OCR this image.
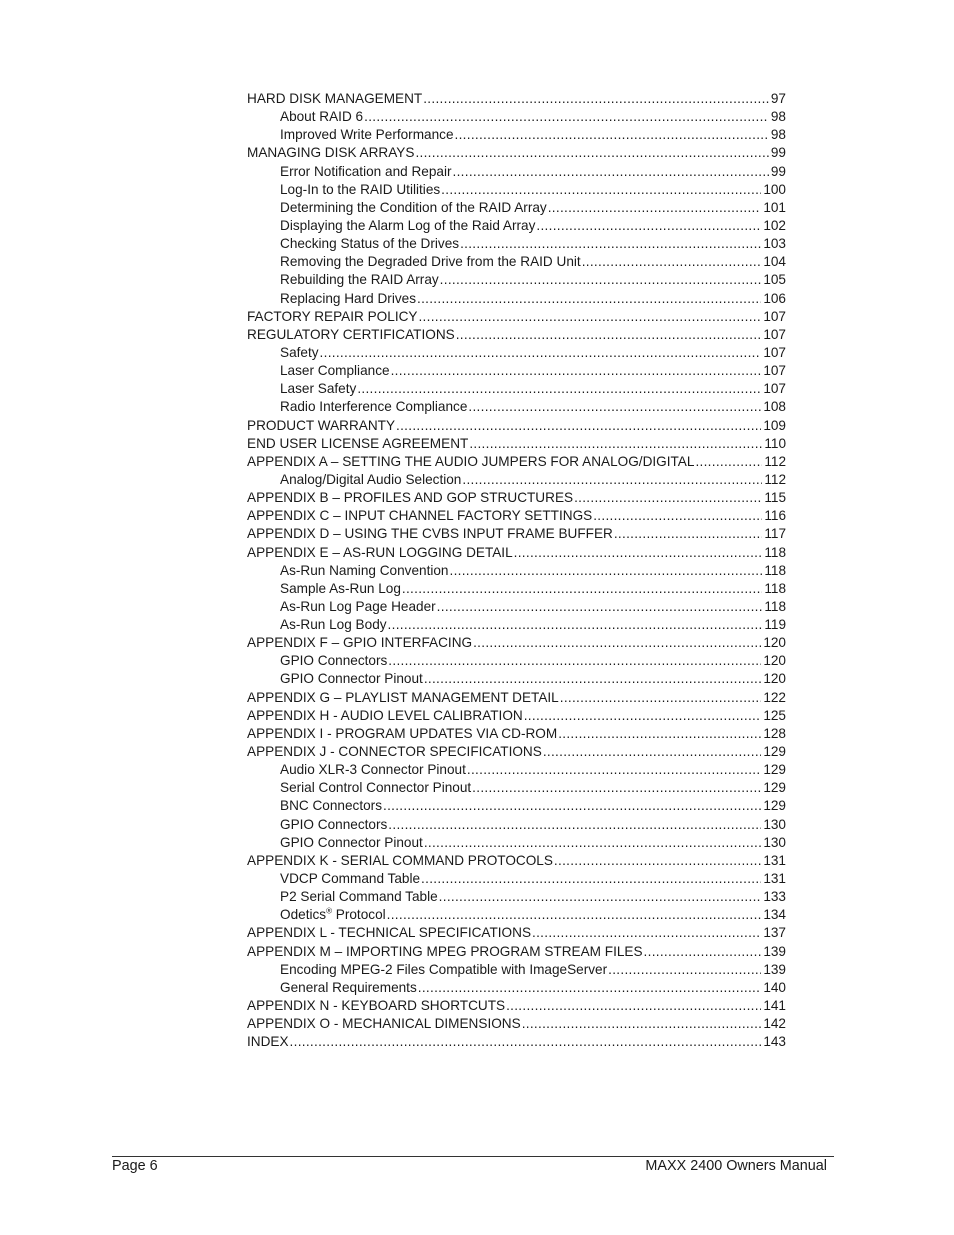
HARD DISK MANAGEMENT .....	97
About RAID 6 .....	98
Improved Write Performance .....	98
MANAGING DISK ARRAYS .....	99
Error Notification and Repair .....	99
Log-In to the RAID Utilities .....	100
Determining the Condition of the RAID Array .....	101
Displaying the Alarm Log of the Raid Array .....	102
Checking Status of the Drives .....	103
Removing the Degraded Drive from the RAID Unit .....	104
Rebuilding the RAID Array .....	105
Replacing Hard Drives .....	106
FACTORY REPAIR POLICY .....	107
REGULATORY CERTIFICATIONS .....	107
Safety .....	107
Laser Compliance .....	107
Laser Safety .....	107
Radio Interference Compliance .....	108
PRODUCT WARRANTY .....	109
END USER LICENSE AGREEMENT .....	110
APPENDIX A – SETTING THE AUDIO JUMPERS FOR ANALOG/DIGITAL .....	112
Analog/Digital Audio Selection .....	112
APPENDIX B – PROFILES AND GOP STRUCTURES .....	115
APPENDIX C – INPUT CHANNEL FACTORY SETTINGS .....	116
APPENDIX D – USING THE CVBS INPUT FRAME BUFFER .....	117
APPENDIX E – AS-RUN LOGGING DETAIL .....	118
As-Run Naming Convention .....	118
Sample As-Run Log .....	118
As-Run Log Page Header .....	118
As-Run Log Body .....	119
APPENDIX F – GPIO INTERFACING .....	120
GPIO Connectors .....	120
GPIO Connector Pinout .....	120
APPENDIX G – PLAYLIST MANAGEMENT DETAIL .....	122
APPENDIX H - AUDIO LEVEL CALIBRATION .....	125
APPENDIX I - PROGRAM UPDATES VIA CD-ROM .....	128
APPENDIX J - CONNECTOR SPECIFICATIONS .....	129
Audio XLR-3 Connector Pinout .....	129
Serial Control Connector Pinout .....	129
BNC Connectors .....	129
GPIO Connectors .....	130
GPIO Connector Pinout .....	130
APPENDIX K - SERIAL COMMAND PROTOCOLS .....	131
VDCP Command Table .....	131
P2 Serial Command Table .....	133
Odetics® Protocol .....	134
APPENDIX L - TECHNICAL SPECIFICATIONS .....	137
APPENDIX M – IMPORTING MPEG PROGRAM STREAM FILES .....	139
Encoding MPEG-2 Files Compatible with ImageServer .....	139
General Requirements .....	140
APPENDIX N - KEYBOARD SHORTCUTS .....	141
APPENDIX O - MECHANICAL DIMENSIONS .....	142
INDEX .....	143
Page 6	MAXX 2400 Owners Manual
